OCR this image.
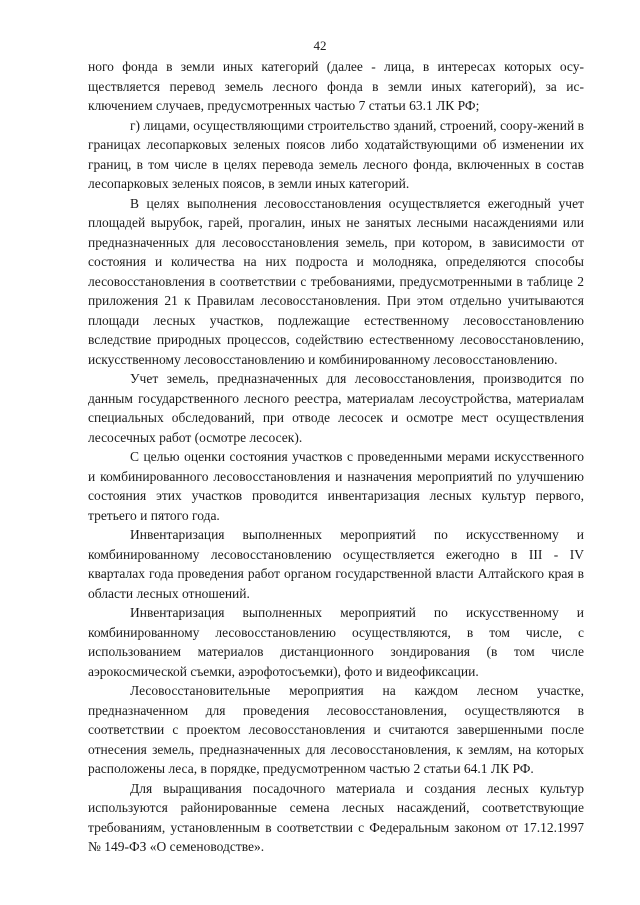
42

ного фонда в земли иных категорий (далее - лица, в интересах которых осу-ществляется перевод земель лесного фонда в земли иных категорий), за ис-ключением случаев, предусмотренных частью 7 статьи 63.1 ЛК РФ;

г) лицами, осуществляющими строительство зданий, строений, соору-жений в границах лесопарковых зеленых поясов либо ходатайствующими об изменении их границ, в том числе в целях перевода земель лесного фонда, включенных в состав лесопарковых зеленых поясов, в земли иных категорий.

В целях выполнения лесовосстановления осуществляется ежегодный учет площадей вырубок, гарей, прогалин, иных не занятых лесными насаждениями или предназначенных для лесовосстановления земель, при котором, в зависимости от состояния и количества на них подроста и молодняка, определяются способы лесовосстановления в соответствии с требованиями, предусмотренными в таблице 2 приложения 21 к Правилам лесовосстановления. При этом отдельно учитываются площади лесных участков, подлежащие естественному лесовосстановлению вследствие природных процессов, содействию естественному лесовосстановлению, искусственному лесовосстановлению и комбинированному лесовосстановлению.

Учет земель, предназначенных для лесовосстановления, производится по данным государственного лесного реестра, материалам лесоустройства, материалам специальных обследований, при отводе лесосек и осмотре мест осуществления лесосечных работ (осмотре лесосек).

С целью оценки состояния участков с проведенными мерами искусственного и комбинированного лесовосстановления и назначения мероприятий по улучшению состояния этих участков проводится инвентаризация лесных культур первого, третьего и пятого года.

Инвентаризация выполненных мероприятий по искусственному и комбинированному лесовосстановлению осуществляется ежегодно в III - IV кварталах года проведения работ органом государственной власти Алтайского края в области лесных отношений.

Инвентаризация выполненных мероприятий по искусственному и комбинированному лесовосстановлению осуществляются, в том числе, с использованием материалов дистанционного зондирования (в том числе аэрокосмической съемки, аэрофотосъемки), фото и видеофиксации.

Лесовосстановительные мероприятия на каждом лесном участке, предназначенном для проведения лесовосстановления, осуществляются в соответствии с проектом лесовосстановления и считаются завершенными после отнесения земель, предназначенных для лесовосстановления, к землям, на которых расположены леса, в порядке, предусмотренном частью 2 статьи 64.1 ЛК РФ.

Для выращивания посадочного материала и создания лесных культур используются районированные семена лесных насаждений, соответствующие требованиям, установленным в соответствии с Федеральным законом от 17.12.1997 № 149-ФЗ «О семеноводстве».
